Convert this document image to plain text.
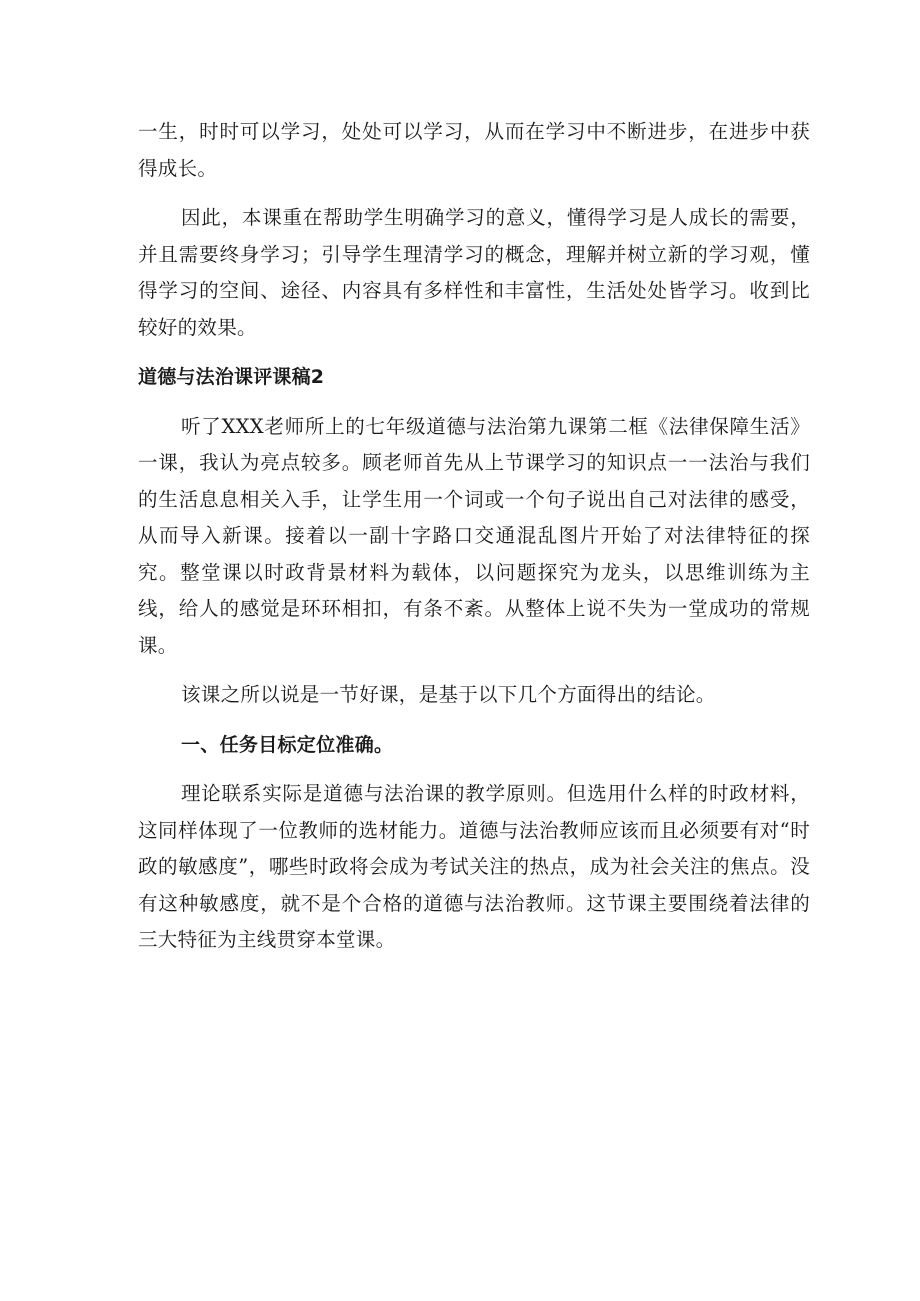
一生，时时可以学习，处处可以学习，从而在学习中不断进步，在进步中获得成长。

因此，本课重在帮助学生明确学习的意义，懂得学习是人成长的需要，并且需要终身学习；引导学生理清学习的概念，理解并树立新的学习观，懂得学习的空间、途径、内容具有多样性和丰富性，生活处处皆学习。收到比较好的效果。

道德与法治课评课稿2

听了XXX老师所上的七年级道德与法治第九课第二框《法律保障生活》一课，我认为亮点较多。顾老师首先从上节课学习的知识点一一法治与我们的生活息息相关入手，让学生用一个词或一个句子说出自己对法律的感受，从而导入新课。接着以一副十字路口交通混乱图片开始了对法律特征的探究。整堂课以时政背景材料为载体，以问题探究为龙头，以思维训练为主线，给人的感觉是环环相扣，有条不紊。从整体上说不失为一堂成功的常规课。

该课之所以说是一节好课，是基于以下几个方面得出的结论。

一、任务目标定位准确。

理论联系实际是道德与法治课的教学原则。但选用什么样的时政材料，这同样体现了一位教师的选材能力。道德与法治教师应该而且必须要有对“时政的敏感度”，哪些时政将会成为考试关注的热点，成为社会关注的焦点。没有这种敏感度，就不是个合格的道德与法治教师。这节课主要围绕着法律的三大特征为主线贯穿本堂课。
